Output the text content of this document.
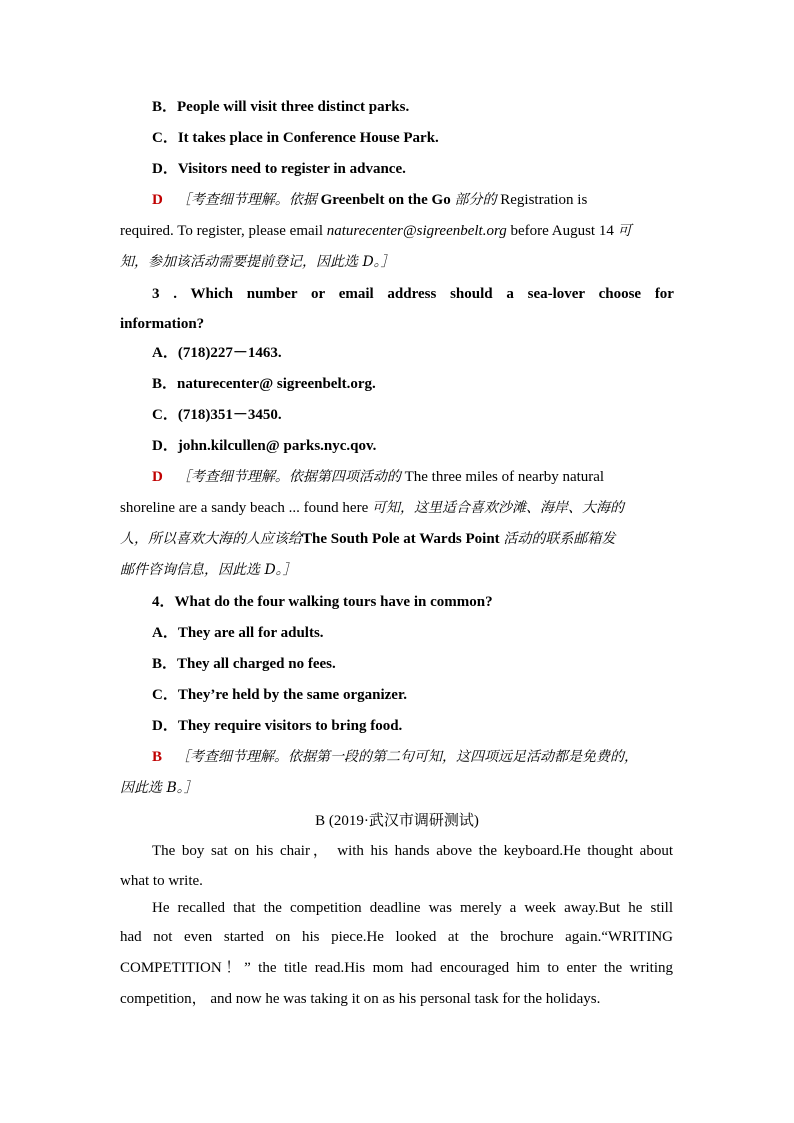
B．People will visit three distinct parks.
C．It takes place in Conference House Park.
D．Visitors need to register in advance.
D ［考查细节理解。依据 Greenbelt on the Go 部分的 Registration is
required. To register, please email naturecenter@sigreenbelt.org before August 14 可
知，参加该活动需要提前登记，因此选 D。］
3 . Which number or email address should a sea-lover choose for
information?
A．(718)227－1463.
B．naturecenter@ sigreenbelt.org.
C．(718)351－3450.
D．john.kilcullen@ parks.nyc.qov.
D ［考查细节理解。依据第四项活动的 The three miles of nearby natural
shoreline are a sandy beach ... found here 可知，这里适合喜欢沙滩、海岸、大海的
人，所以喜欢大海的人应该给The South Pole at Wards Point 活动的联系邮箱发
邮件咨询信息，因此选 D。］
4．What do the four walking tours have in common?
A．They are all for adults.
B．They all charged no fees.
C．They’re held by the same organizer.
D．They require visitors to bring food.
B ［考查细节理解。依据第一段的第二句可知，这四项远足活动都是免费的，
因此选 B。］
B (2019·武汉市调研测试)
The boy sat on his chair， with his hands above the keyboard.He thought about
what to write.
He recalled that the competition deadline was merely a week away.But he still
had not even started on his piece.He looked at the brochure again.“WRITING
COMPETITION！” the title read.His mom had encouraged him to enter the writing
competition， and now he was taking it on as his personal task for the holidays.
